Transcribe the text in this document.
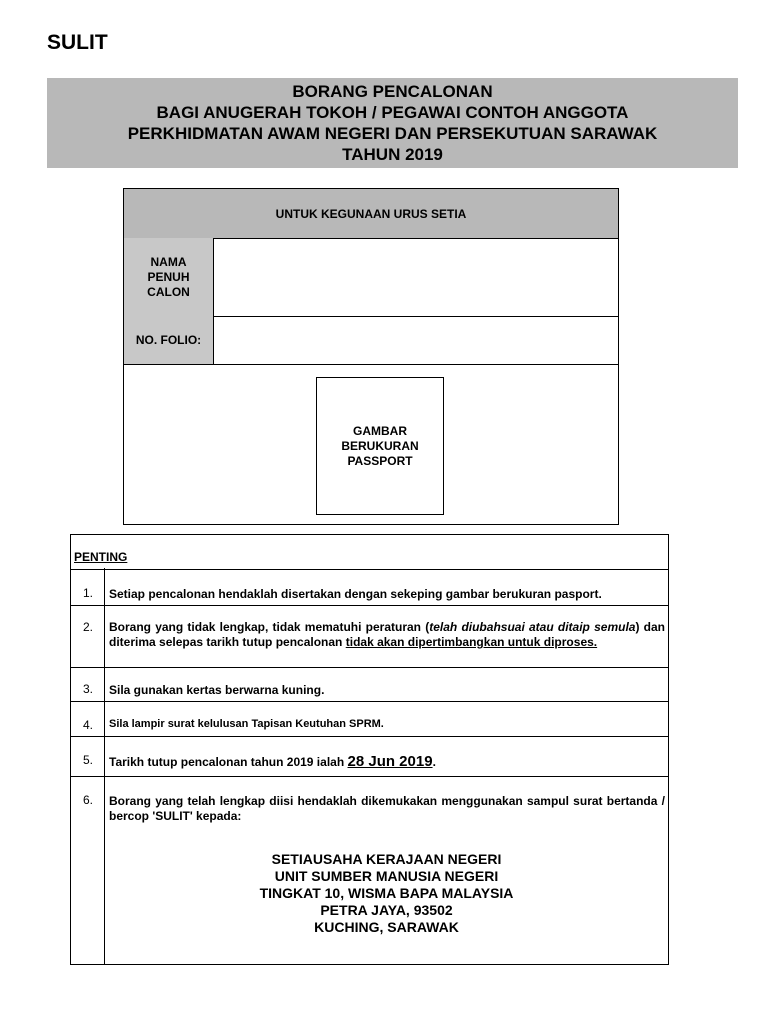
SULIT
BORANG PENCALONAN
BAGI ANUGERAH TOKOH / PEGAWAI CONTOH ANGGOTA
PERKHIDMATAN AWAM NEGERI DAN PERSEKUTUAN SARAWAK
TAHUN 2019
UNTUK KEGUNAAN URUS SETIA
NAMA
PENUH
CALON
NO. FOLIO:
GAMBAR
BERUKURAN
PASSPORT
PENTING
1.	Setiap pencalonan hendaklah disertakan dengan sekeping gambar berukuran pasport.
2.	Borang yang tidak lengkap, tidak mematuhi peraturan (telah diubahsuai atau ditaip semula) dan diterima selepas tarikh tutup pencalonan tidak akan dipertimbangkan untuk diproses.
3.	Sila gunakan kertas berwarna kuning.
4.	Sila lampir surat kelulusan Tapisan Keutuhan SPRM.
5.	Tarikh tutup pencalonan tahun 2019 ialah 28 Jun 2019.
6.	Borang yang telah lengkap diisi hendaklah dikemukakan menggunakan sampul surat bertanda / bercop 'SULIT' kepada:
SETIAUSAHA KERAJAAN NEGERI
UNIT SUMBER MANUSIA NEGERI
TINGKAT 10, WISMA BAPA MALAYSIA
PETRA JAYA, 93502
KUCHING, SARAWAK
